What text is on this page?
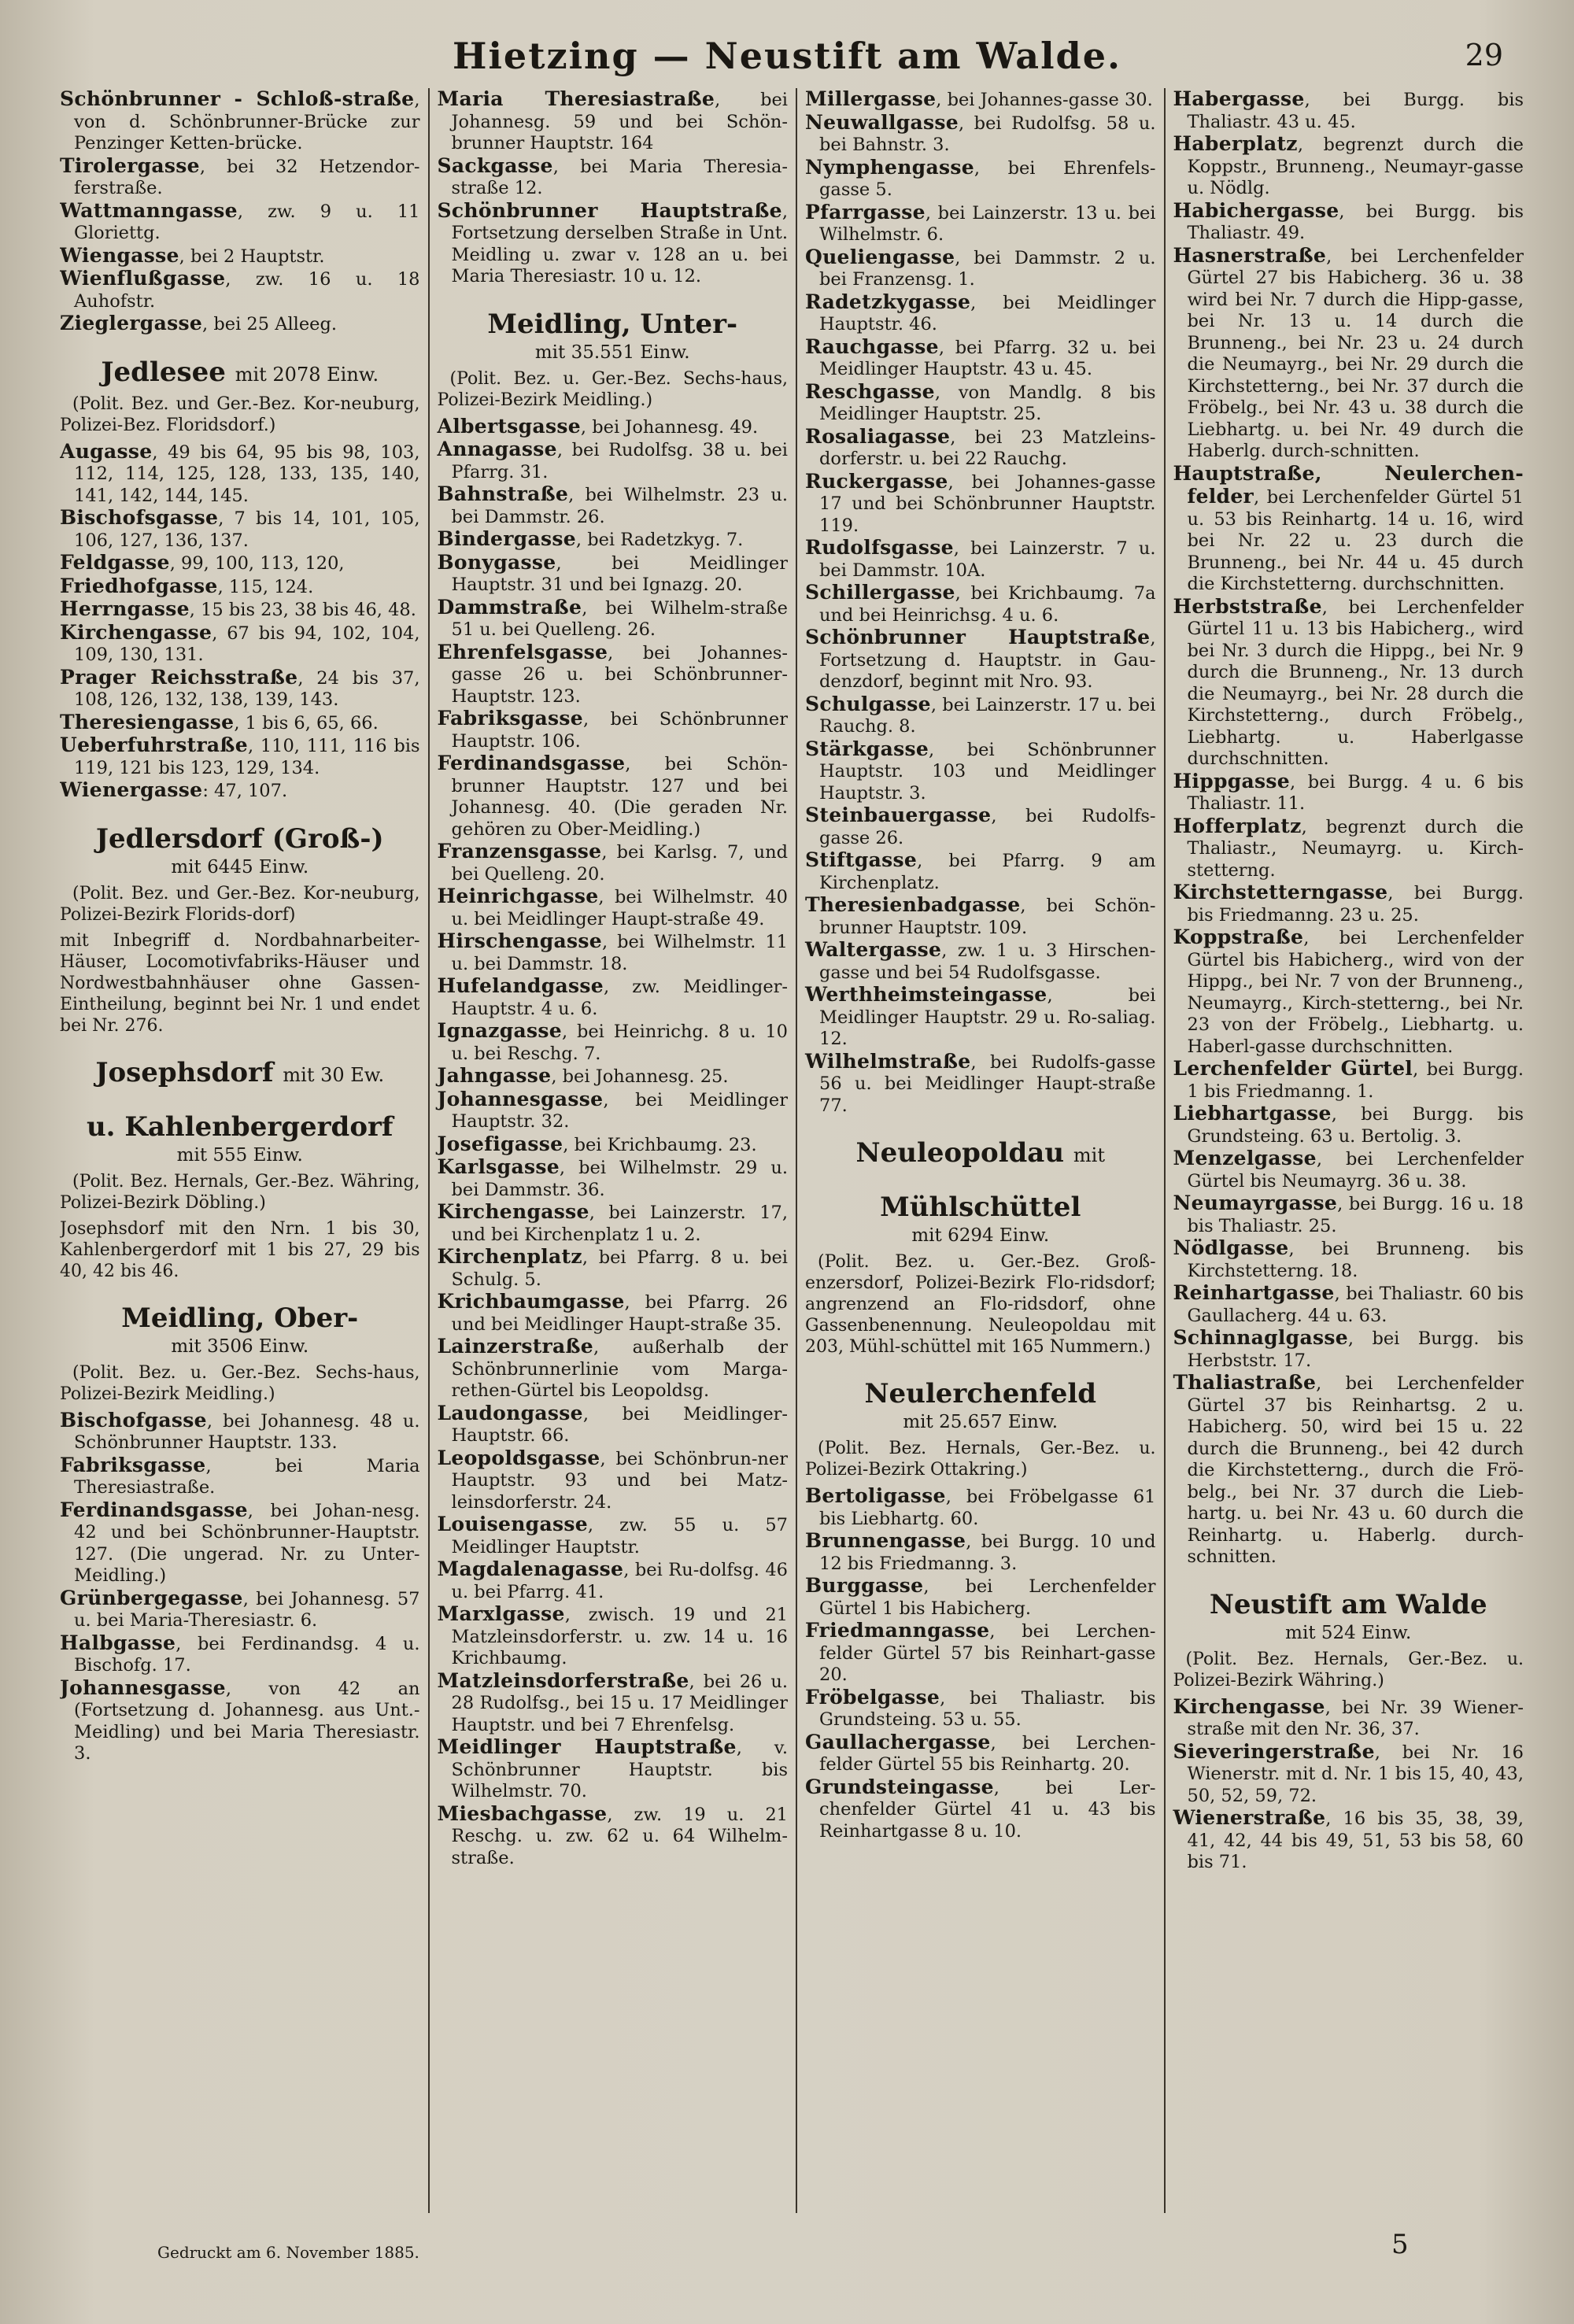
Hietzing — Neustift am Walde.	29

Schönbrunner - Schloß-straße, von d. Schönbrunner-Brücke zur Penzinger Ketten-brücke.

Tirolergasse, bei 32 Hetzendor-ferstraße.

Wattmanngasse, zw. 9 u. 11 Gloriettg.

Wiengasse, bei 2 Hauptstr.

Wienflußgasse, zw. 16 u. 18 Auhofstr.

Zieglergasse, bei 25 Alleeg.

Jedlesee mit 2078 Einw.
(Polit. Bez. und Ger.-Bez. Kor-neuburg, Polizei-Bez. Floridsdorf.)

Augasse, 49 bis 64, 95 bis 98, 103, 112, 114, 125, 128, 133, 135, 140, 141, 142, 144, 145.

Bischofsgasse, 7 bis 14, 101, 105, 106, 127, 136, 137.

Feldgasse, 99, 100, 113, 120,

Friedhofgasse, 115, 124.

Herrngasse, 15 bis 23, 38 bis 46, 48.

Kirchengasse, 67 bis 94, 102, 104, 109, 130, 131.

Prager Reichsstraße, 24 bis 37, 108, 126, 132, 138, 139, 143.

Theresiengasse, 1 bis 6, 65, 66.

Ueberfuhrstraße, 110, 111, 116 bis 119, 121 bis 123, 129, 134.

Wienergasse: 47, 107.

Jedlersdorf (Groß-)
mit 6445 Einw.
(Polit. Bez. und Ger.-Bez. Kor-neuburg, Polizei-Bezirk Florids-dorf)

mit Inbegriff d. Nordbahnarbeiter-Häuser, Locomotivfabriks-Häuser und Nordwestbahnhäuser ohne Gassen-Eintheilung, beginnt bei Nr. 1 und endet bei Nr. 276.

Josephsdorf mit 30 Ew.
u. Kahlenbergerdorf
mit 555 Einw.
(Polit. Bez. Hernals, Ger.-Bez. Währing, Polizei-Bezirk Döbling.)

Josephsdorf mit den Nrn. 1 bis 30, Kahlenbergerdorf mit 1 bis 27, 29 bis 40, 42 bis 46.

Meidling, Ober-
mit 3506 Einw.
(Polit. Bez. u. Ger.-Bez. Sechs-haus, Polizei-Bezirk Meidling.)

Bischofgasse, bei Johannesg. 48 u. Schönbrunner Hauptstr. 133.

Fabriksgasse, bei Maria Theresiastraße.

Ferdinandsgasse, bei Johan-nesg. 42 und bei Schönbrunner-Hauptstr. 127. (Die ungerad. Nr. zu Unter-Meidling.)

Grünbergegasse, bei Johannesg. 57 u. bei Maria-Theresiastr. 6.

Halbgasse, bei Ferdinandsg. 4 u. Bischofg. 17.

Johannesgasse, von 42 an (Fortsetzung d. Johannesg. aus Unt.-Meidling) und bei Maria Theresiastr. 3.

Maria Theresiastraße, bei Johannesg. 59 und bei Schön-brunner Hauptstr. 164

Sackgasse, bei Maria Theresia-straße 12.

Schönbrunner Hauptstraße, Fortsetzung derselben Straße in Unt. Meidling u. zwar v. 128 an u. bei Maria Theresiastr. 10 u. 12.

Meidling, Unter-
mit 35.551 Einw.
(Polit. Bez. u. Ger.-Bez. Sechs-haus, Polizei-Bezirk Meidling.)

Albertsgasse, bei Johannesg. 49.

Annagasse, bei Rudolfsg. 38 u. bei Pfarrg. 31.

Bahnstraße, bei Wilhelmstr. 23 u. bei Dammstr. 26.

Bindergasse, bei Radetzkyg. 7.

Bonygasse, bei Meidlinger Hauptstr. 31 und bei Ignazg. 20.

Dammstraße, bei Wilhelm-straße 51 u. bei Quelleng. 26.

Ehrenfelsgasse, bei Johannes-gasse 26 u. bei Schönbrunner-Hauptstr. 123.

Fabriksgasse, bei Schönbrunner Hauptstr. 106.

Ferdinandsgasse, bei Schön-brunner Hauptstr. 127 und bei Johannesg. 40. (Die geraden Nr. gehören zu Ober-Meidling.)

Franzensgasse, bei Karlsg. 7, und bei Quelleng. 20.

Heinrichgasse, bei Wilhelmstr. 40 u. bei Meidlinger Haupt-straße 49.

Hirschengasse, bei Wilhelmstr. 11 u. bei Dammstr. 18.

Hufelandgasse, zw. Meidlinger-Hauptstr. 4 u. 6.

Ignazgasse, bei Heinrichg. 8 u. 10 u. bei Reschg. 7.

Jahngasse, bei Johannesg. 25.

Johannesgasse, bei Meidlinger Hauptstr. 32.

Josefigasse, bei Krichbaumg. 23.

Karlsgasse, bei Wilhelmstr. 29 u. bei Dammstr. 36.

Kirchengasse, bei Lainzerstr. 17, und bei Kirchenplatz 1 u. 2.

Kirchenplatz, bei Pfarrg. 8 u. bei Schulg. 5.

Krichbaumgasse, bei Pfarrg. 26 und bei Meidlinger Haupt-straße 35.

Lainzerstraße, außerhalb der Schönbrunnerlinie vom Marga-rethen-Gürtel bis Leopoldsg.

Laudongasse, bei Meidlinger-Hauptstr. 66.

Leopoldsgasse, bei Schönbrun-ner Hauptstr. 93 und bei Matz-leinsdorferstr. 24.

Louisengasse, zw. 55 u. 57 Meidlinger Hauptstr.

Magdalenagasse, bei Ru-dolfsg. 46 u. bei Pfarrg. 41.

Marxlgasse, zwisch. 19 und 21 Matzleinsdorferstr. u. zw. 14 u. 16 Krichbaumg.

Matzleinsdorferstraße, bei 26 u. 28 Rudolfsg., bei 15 u. 17 Meidlinger Hauptstr. und bei 7 Ehrenfelsg.

Meidlinger Hauptstraße, v. Schönbrunner Hauptstr. bis Wilhelmstr. 70.

Miesbachgasse, zw. 19 u. 21 Reschg. u. zw. 62 u. 64 Wilhelm-straße.

Millergasse, bei Johannes-gasse 30.

Neuwallgasse, bei Rudolfsg. 58 u. bei Bahnstr. 3.

Nymphengasse, bei Ehrenfels-gasse 5.

Pfarrgasse, bei Lainzerstr. 13 u. bei Wilhelmstr. 6.

Queliengasse, bei Dammstr. 2 u. bei Franzensg. 1.

Radetzkygasse, bei Meidlinger Hauptstr. 46.

Rauchgasse, bei Pfarrg. 32 u. bei Meidlinger Hauptstr. 43 u. 45.

Reschgasse, von Mandlg. 8 bis Meidlinger Hauptstr. 25.

Rosaliagasse, bei 23 Matzleins-dorferstr. u. bei 22 Rauchg.

Ruckergasse, bei Johannes-gasse 17 und bei Schönbrunner Hauptstr. 119.

Rudolfsgasse, bei Lainzerstr. 7 u. bei Dammstr. 10A.

Schillergasse, bei Krichbaumg. 7a und bei Heinrichsg. 4 u. 6.

Schönbrunner Hauptstraße, Fortsetzung d. Hauptstr. in Gau-denzdorf, beginnt mit Nro. 93.

Schulgasse, bei Lainzerstr. 17 u. bei Rauchg. 8.

Stärkgasse, bei Schönbrunner Hauptstr. 103 und Meidlinger Hauptstr. 3.

Steinbauergasse, bei Rudolfs-gasse 26.

Stiftgasse, bei Pfarrg. 9 am Kirchenplatz.

Theresienbadgasse, bei Schön-brunner Hauptstr. 109.

Waltergasse, zw. 1 u. 3 Hirschen-gasse und bei 54 Rudolfsgasse.

Werthheimsteingasse, bei Meidlinger Hauptstr. 29 u. Ro-saliag. 12.

Wilhelmstraße, bei Rudolfs-gasse 56 u. bei Meidlinger Haupt-straße 77.

Neuleopoldau mit
Mühlschüttel
mit 6294 Einw.
(Polit. Bez. u. Ger.-Bez. Groß-enzersdorf, Polizei-Bezirk Flo-ridsdorf; angrenzend an Flo-ridsdorf, ohne Gassenbenennung. Neuleopoldau mit 203, Mühl-schüttel mit 165 Nummern.)
Neulerchenfeld
mit 25.657 Einw.
(Polit. Bez. Hernals, Ger.-Bez. u. Polizei-Bezirk Ottakring.)

Bertoligasse, bei Fröbelgasse 61 bis Liebhartg. 60.

Brunnengasse, bei Burgg. 10 und 12 bis Friedmanng. 3.

Burggasse, bei Lerchenfelder Gürtel 1 bis Habicherg.

Friedmanngasse, bei Lerchen-felder Gürtel 57 bis Reinhart-gasse 20.

Fröbelgasse, bei Thaliastr. bis Grundsteing. 53 u. 55.

Gaullachergasse, bei Lerchen-felder Gürtel 55 bis Reinhartg. 20.

Grundsteingasse, bei Ler-chenfelder Gürtel 41 u. 43 bis Reinhartgasse 8 u. 10.

Habergasse, bei Burgg. bis Thaliastr. 43 u. 45.

Haberplatz, begrenzt durch die Koppstr., Brunneng., Neumayr-gasse u. Nödlg.

Habichergasse, bei Burgg. bis Thaliastr. 49.

Hasnerstraße, bei Lerchenfelder Gürtel 27 bis Habicherg. 36 u. 38 wird bei Nr. 7 durch die Hipp-gasse, bei Nr. 13 u. 14 durch die Brunneng., bei Nr. 23 u. 24 durch die Neumayrg., bei Nr. 29 durch die Kirchstetterng., bei Nr. 37 durch die Fröbelg., bei Nr. 43 u. 38 durch die Liebhartg. u. bei Nr. 49 durch die Haberlg. durch-schnitten.

Hauptstraße, Neulerchen-felder, bei Lerchenfelder Gürtel 51 u. 53 bis Reinhartg. 14 u. 16, wird bei Nr. 22 u. 23 durch die Brunneng., bei Nr. 44 u. 45 durch die Kirchstetterng. durchschnitten.

Herbststraße, bei Lerchenfelder Gürtel 11 u. 13 bis Habicherg., wird bei Nr. 3 durch die Hippg., bei Nr. 9 durch die Brunneng., Nr. 13 durch die Neumayrg., bei Nr. 28 durch die Kirchstetterng., durch Fröbelg., Liebhartg. u. Haberlgasse durchschnitten.

Hippgasse, bei Burgg. 4 u. 6 bis Thaliastr. 11.

Hofferplatz, begrenzt durch die Thaliastr., Neumayrg. u. Kirch-stetterng.

Kirchstetterngasse, bei Burgg. bis Friedmanng. 23 u. 25.

Koppstraße, bei Lerchenfelder Gürtel bis Habicherg., wird von der Hippg., bei Nr. 7 von der Brunneng., Neumayrg., Kirch-stetterng., bei Nr. 23 von der Fröbelg., Liebhartg. u. Haberl-gasse durchschnitten.

Lerchenfelder Gürtel, bei Burgg. 1 bis Friedmanng. 1.

Liebhartgasse, bei Burgg. bis Grundsteing. 63 u. Bertolig. 3.

Menzelgasse, bei Lerchenfelder Gürtel bis Neumayrg. 36 u. 38.

Neumayrgasse, bei Burgg. 16 u. 18 bis Thaliastr. 25.

Nödlgasse, bei Brunneng. bis Kirchstetterng. 18.

Reinhartgasse, bei Thaliastr. 60 bis Gaullacherg. 44 u. 63.

Schinnaglgasse, bei Burgg. bis Herbststr. 17.

Thaliastraße, bei Lerchenfelder Gürtel 37 bis Reinhartsg. 2 u. Habicherg. 50, wird bei 15 u. 22 durch die Brunneng., bei 42 durch die Kirchstetterng., durch die Frö-belg., bei Nr. 37 durch die Lieb-hartg. u. bei Nr. 43 u. 60 durch die Reinhartg. u. Haberlg. durch-schnitten.

Neustift am Walde
mit 524 Einw.
(Polit. Bez. Hernals, Ger.-Bez. u. Polizei-Bezirk Währing.)

Kirchengasse, bei Nr. 39 Wiener-straße mit den Nr. 36, 37.

Sieveringerstraße, bei Nr. 16 Wienerstr. mit d. Nr. 1 bis 15, 40, 43, 50, 52, 59, 72.

Wienerstraße, 16 bis 35, 38, 39, 41, 42, 44 bis 49, 51, 53 bis 58, 60 bis 71.

Gedruckt am 6. November 1885.	5
